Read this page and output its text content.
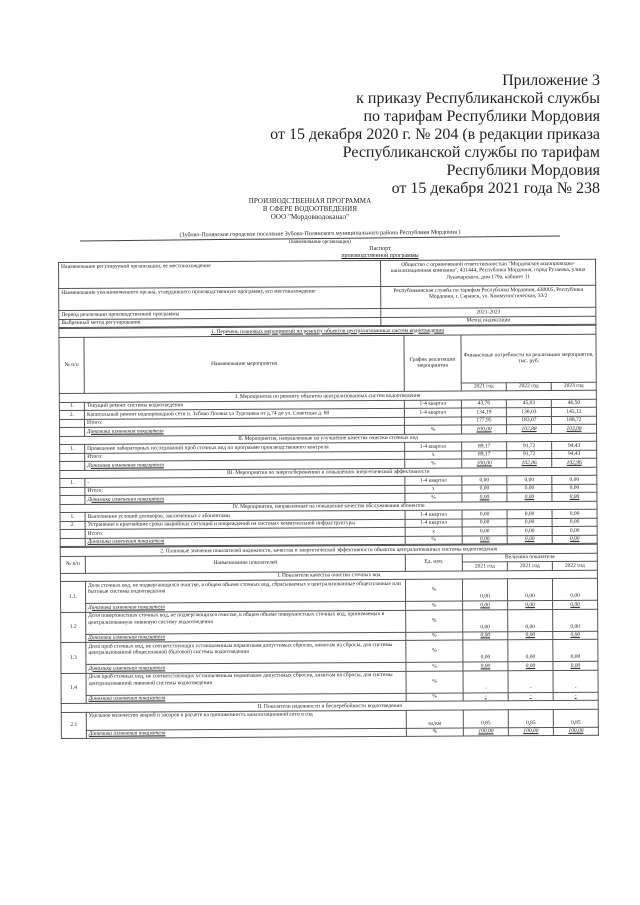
Приложение 3
к приказу Республиканской службы
по тарифам Республики Мордовия
от 15 декабря 2020 г. № 204 (в редакции приказа
Республиканской службы по тарифам
Республики Мордовия
от 15 декабря 2021 года № 238
ПРОИЗВОДСТВЕННАЯ ПРОГРАММА
В СФЕРЕ ВОДООТВЕДЕНИЯ
ООО "Мордовводоканал"
(Зубово-Полянское городское поселение Зубово-Полянского муниципального района Республики Мордовия )
(наименование организации)
Паспорт
производственной программы
Наименование регулируемой организации, ее местонахождение	Общество с ограниченной ответственностью "Мордовское водопроводно-канализационная компания", 431444, Республика Мордовия, город Рузаевка, улица Луначарского, дом 179а, кабинет 11
Наименование уполномоченного органа, утвердившего производственную программу, его местонахождение	Республиканская служба по тарифам Республики Мордовия, 430005, Республика Мордовия, г. Саранск, ул. Коммунистическая, 33/2
Период реализации производственной программы	2021-2023
Выбранный метод регулирования	Метод индексации
1. Перечень плановых мероприятий по ремонту объектов централизованных систем водоотведения					
№ п/п	Наименование мероприятия	График реализации мероприятия	Финансовые потребности на реализацию мероприятия, тыс. руб.		
			2021 год	2022 год	2023 год
I. Мероприятия по ремонту объектов централизованных систем водоотведения					
1.	Текущий ремонт системы водоотведения	1-4 квартал	43,76	45,03	46,50
2.	Капитальный ремонт водопроводной сети п. Зубово Поляна ул Тургенева от д.74 до ул. Советская д. 80	1-4 квартал	134,19	138,03	142,12
	Итого:		177,95	183,07	188,72
	Динамика изменения показателя	%	100,00	102,88	103,08
II. Мероприятия, направленные на улучшение качества очистки сточных вод					
1.	Проведение лабораторных исследований проб сточных вод по программе производственного контроля	1-4 квартал	89,17	91,72	94,43
	Итого:	x	89,17	91,72	94,43
	Динамика изменения показателя	%	100,00	102,86	102,96
III. Мероприятия по энергосбережению и повышению энергетической эффективности					
1.	-	1-4 квартал	0,00	0,00	0,00
	Итого:	x	0,00	0,00	0,00
	Динамика изменения показателя	%	0,00	0,00	0,00
IV. Мероприятия, направленные на повышение качества обслуживания абонентов					
1.	Выполнение условий договоров, заключенных с абонентами	1-4 квартал	0,00	0,00	0,00
2.	Устранение в кратчайшие сроки аварийных ситуаций и повреждений на системах коммунальной инфраструктуры	1-4 квартал	0,00	0,00	0,00
	Итого:	x	0,00	0,00	0,00
	Динамика изменения показателя	%	0,00	0,00	0,00
2. Плановые значения показателей надежности, качества и энергетической эффективности объектов централизованных системы водоотведения					
№ п/п	Наименование показателей	Ед. изм.	Величина показателя		
			2021 год	2021 год	2022 год
I. Показатели качества очистки сточных вод					
1.1.	Доля сточных вод, не подвергающихся очистке, в общем объеме сточных вод, сбрасываемых в централизованные общесплавные или бытовые системы водоотведения	%	0,00	0,00	0,00
	Динамика изменения показателя	%	0,00	0,00	0,00
1.2	Доля поверхностных сточных вод, не подвергающихся очистке, в общем объеме поверхностных сточных вод, принимаемых в централизованную ливневую систему водоотведения	%	0,00	0,00	0,00
	Динамика изменения показателя	%	0,00	0,00	0,00
1.3	Доля проб сточных вод, не соответствующих установленным нормативам допустимых сбросов, лимитам на сбросы, для системы централизованной общесплавной (бытовой) системы водоотведения	%	0,00	0,00	0,00
	Динамика изменения показателя	%	0,00	0,00	0,00
1.4	Доля проб сточных вод, не соответствующих установленным нормативам допустимых сбросов, лимитам на сбросы, для системы централизованной ливневой системы водоотведения	%	-	-	-
	Динамика изменения показателя	%	-	-	-
II. Показатели надежности и бесперебойности водоотведения					
2.1	Удельное количество аварий и засоров в расчете на протяженность канализационной сети в год	ед/км	0,85	0,85	0,85
	Динамика изменения показателя	%	100,00	100,00	100,00
